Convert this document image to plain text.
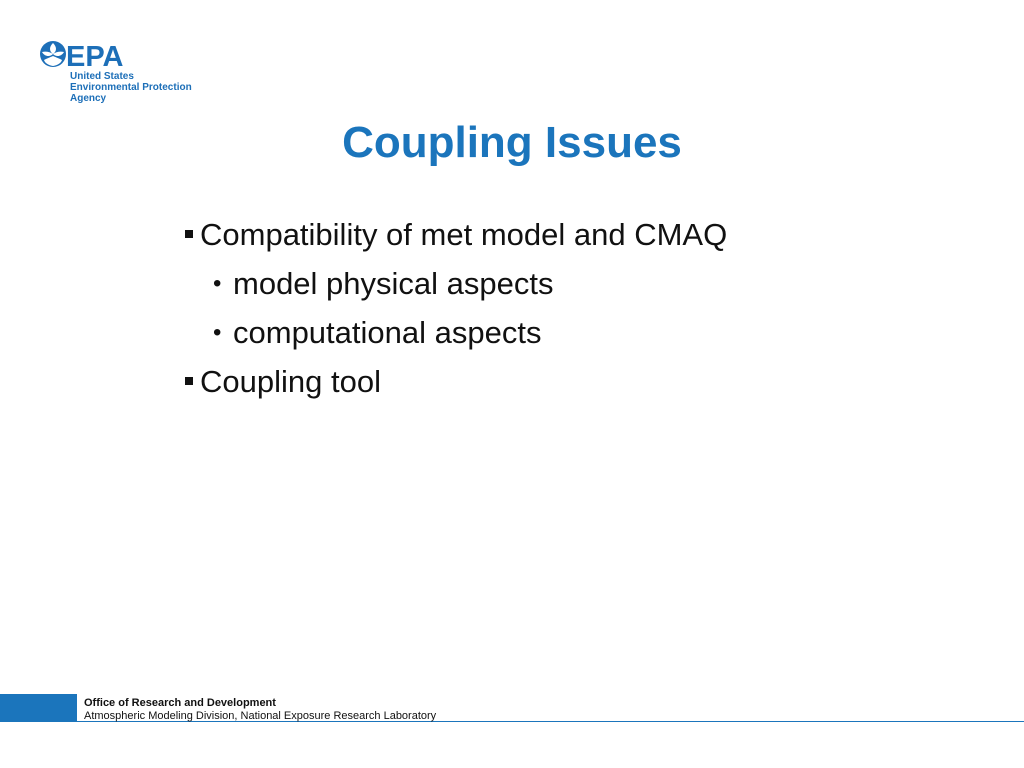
EPA
United States
Environmental Protection
Agency
Coupling Issues
Compatibility of met model and CMAQ
• model physical aspects
• computational aspects
Coupling tool
Office of Research and Development
Atmospheric Modeling Division, National Exposure Research Laboratory
